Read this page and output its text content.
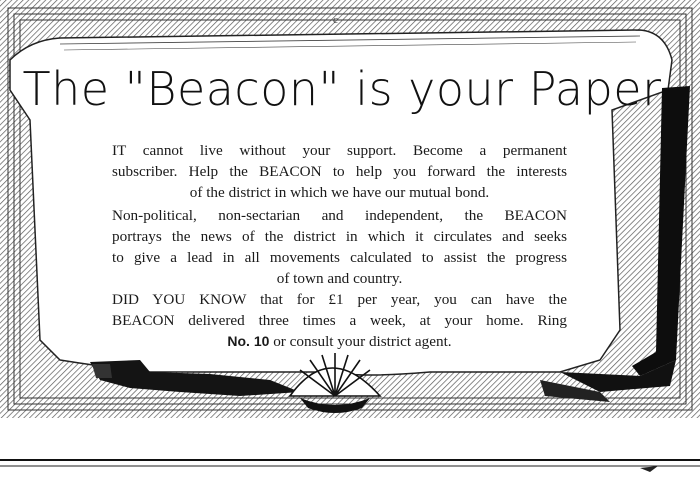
c
The "Beacon" is your Paper
IT cannot live without your support. Become a permanent
subscriber. Help the BEACON to help you forward the interests
of the district in which we have our mutual bond.
Non-political, non-sectarian and independent, the BEACON
portrays the news of the district in which it circulates and seeks
to give a lead in all movements calculated to assist the progress
of town and country.
DID YOU KNOW that for £1 per year, you can have the
BEACON delivered three times a week, at your home. Ring
No. 10 or consult your district agent.
